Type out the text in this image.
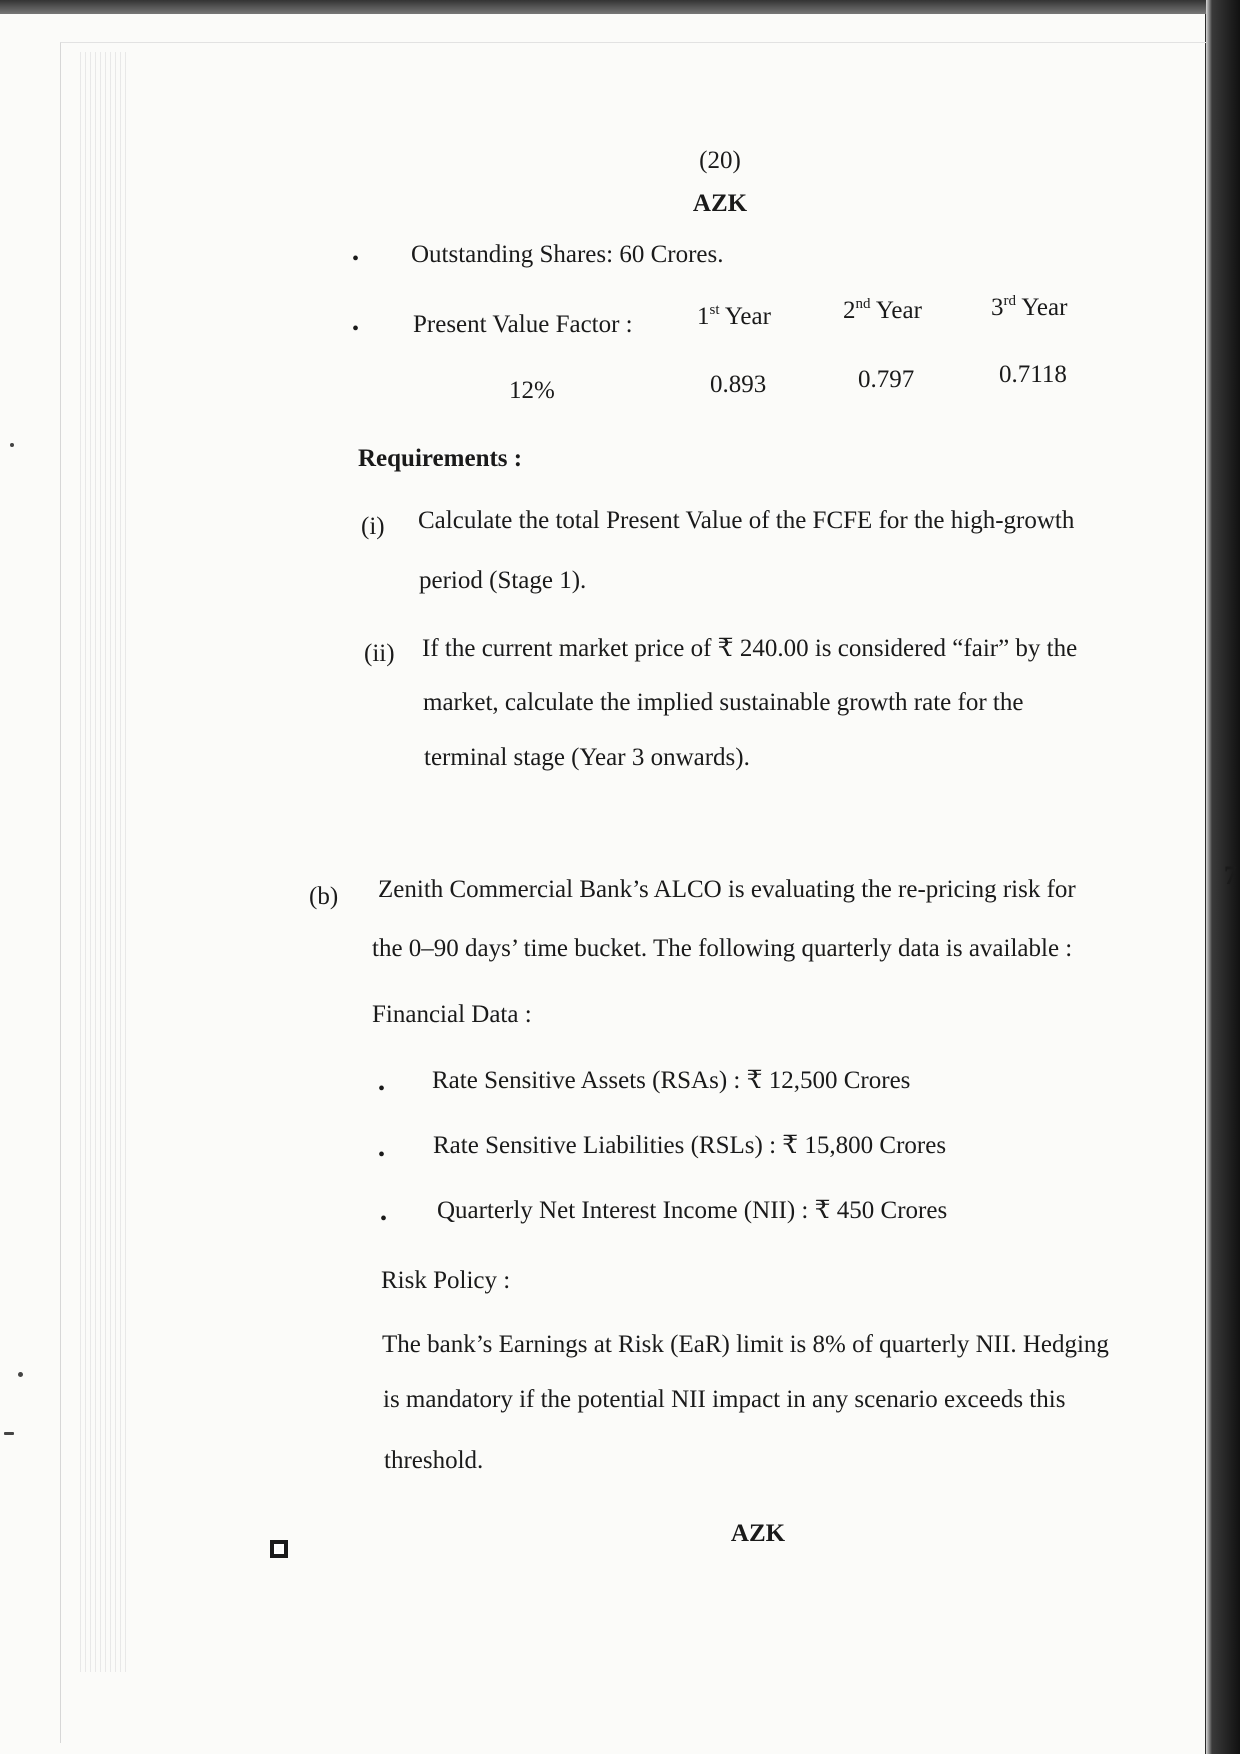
(20)
AZK
• Outstanding Shares: 60 Crores.
• Present Value Factor :	1st Year	2nd Year	3rd Year
12%	0.893	0.797	0.7118
Requirements :
(i) Calculate the total Present Value of the FCFE for the high-growth
period (Stage 1).
(ii) If the current market price of ₹ 240.00 is considered “fair” by the
market, calculate the implied sustainable growth rate for the
terminal stage (Year 3 onwards).
(b) Zenith Commercial Bank’s ALCO is evaluating the re-pricing risk for
the 0–90 days’ time bucket. The following quarterly data is available :
7
Financial Data :
• Rate Sensitive Assets (RSAs) : ₹ 12,500 Crores
• Rate Sensitive Liabilities (RSLs) : ₹ 15,800 Crores
• Quarterly Net Interest Income (NII) : ₹ 450 Crores
Risk Policy :
The bank’s Earnings at Risk (EaR) limit is 8% of quarterly NII. Hedging
is mandatory if the potential NII impact in any scenario exceeds this
threshold.
AZK
